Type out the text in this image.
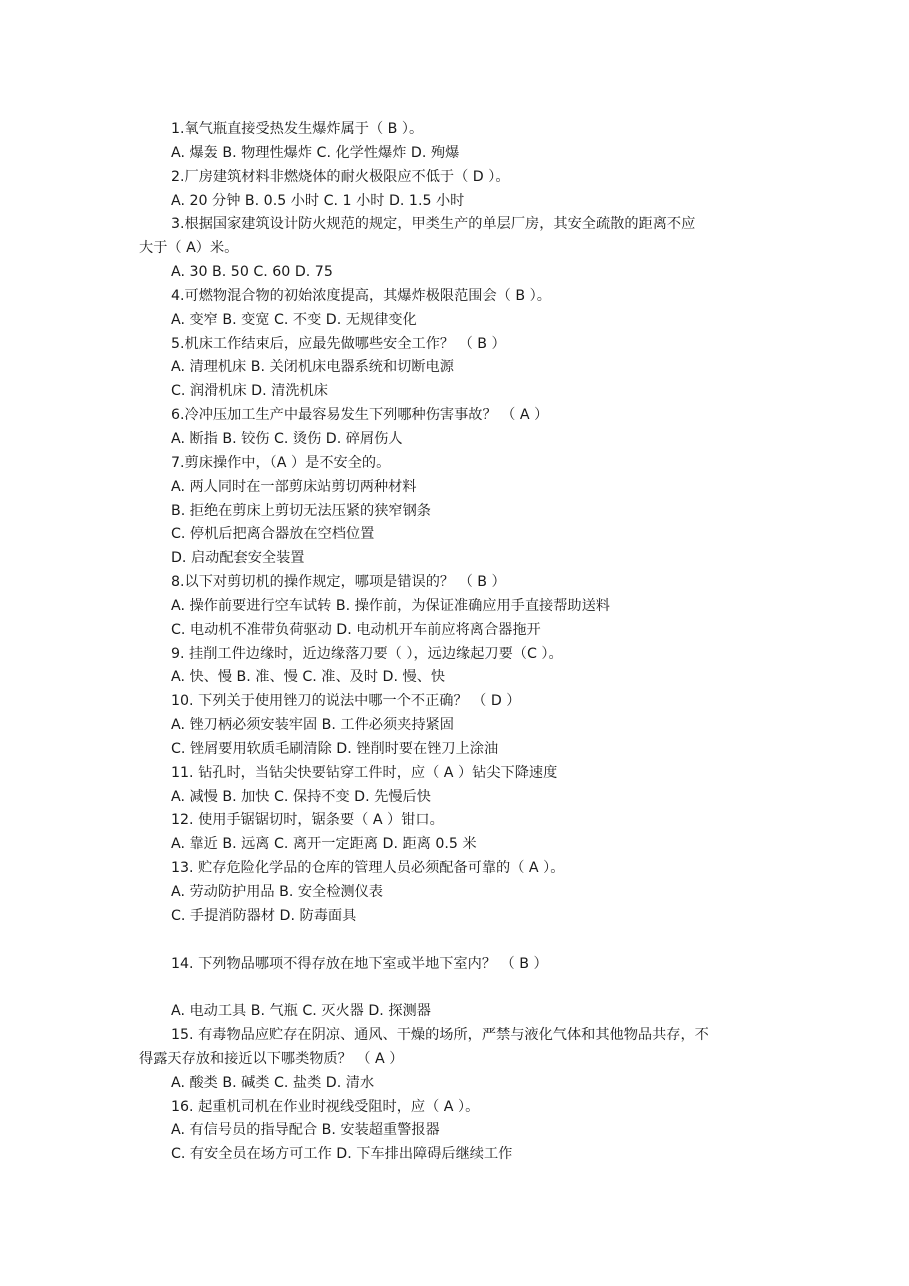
1.氧气瓶直接受热发生爆炸属于（ B ）。
A. 爆轰 B. 物理性爆炸 C. 化学性爆炸 D. 殉爆
2.厂房建筑材料非燃烧体的耐火极限应不低于（ D ）。
A. 20 分钟 B. 0.5 小时 C. 1 小时 D. 1.5 小时
3.根据国家建筑设计防火规范的规定，甲类生产的单层厂房，其安全疏散的距离不应
大于（ A）米。
A. 30 B. 50 C. 60 D. 75
4.可燃物混合物的初始浓度提高，其爆炸极限范围会（ B ）。
A. 变窄 B. 变宽 C. 不变 D. 无规律变化
5.机床工作结束后，应最先做哪些安全工作？ （ B ）
A. 清理机床 B. 关闭机床电器系统和切断电源
C. 润滑机床 D. 清洗机床
6.冷冲压加工生产中最容易发生下列哪种伤害事故？ （ A ）
A. 断指 B. 铰伤 C. 烫伤 D. 碎屑伤人
7.剪床操作中，（A ）是不安全的。
A. 两人同时在一部剪床站剪切两种材料
B. 拒绝在剪床上剪切无法压紧的狭窄钢条
C. 停机后把离合器放在空档位置
D. 启动配套安全装置
8.以下对剪切机的操作规定，哪项是错误的？ （ B ）
A. 操作前要进行空车试转 B. 操作前，为保证准确应用手直接帮助送料
C. 电动机不准带负荷驱动 D. 电动机开车前应将离合器拖开
9. 挂削工件边缘时，近边缘落刀要（ ），远边缘起刀要（C ）。
A. 快、慢 B. 准、慢 C. 准、及时 D. 慢、快
10. 下列关于使用锉刀的说法中哪一个不正确？ （ D ）
A. 锉刀柄必须安装牢固 B. 工件必须夹持紧固
C. 锉屑要用软质毛刷清除 D. 锉削时要在锉刀上涂油
11. 钻孔时，当钻尖快要钻穿工件时，应（ A ）钻尖下降速度
A. 减慢 B. 加快 C. 保持不变 D. 先慢后快
12. 使用手锯锯切时，锯条要（ A ）钳口。
A. 靠近 B. 远离 C. 离开一定距离 D. 距离 0.5 米
13. 贮存危险化学品的仓库的管理人员必须配备可靠的（ A ）。
A. 劳动防护用品 B. 安全检测仪表
C. 手提消防器材 D. 防毒面具
14. 下列物品哪项不得存放在地下室或半地下室内？ （ B ）
A. 电动工具 B. 气瓶 C. 灭火器 D. 探测器
15. 有毒物品应贮存在阴凉、通风、干燥的场所，严禁与液化气体和其他物品共存，不
得露天存放和接近以下哪类物质？ （ A ）
A. 酸类 B. 碱类 C. 盐类 D. 清水
16. 起重机司机在作业时视线受阻时，应（ A ）。
A. 有信号员的指导配合 B. 安装超重警报器
C. 有安全员在场方可工作 D. 下车排出障碍后继续工作
